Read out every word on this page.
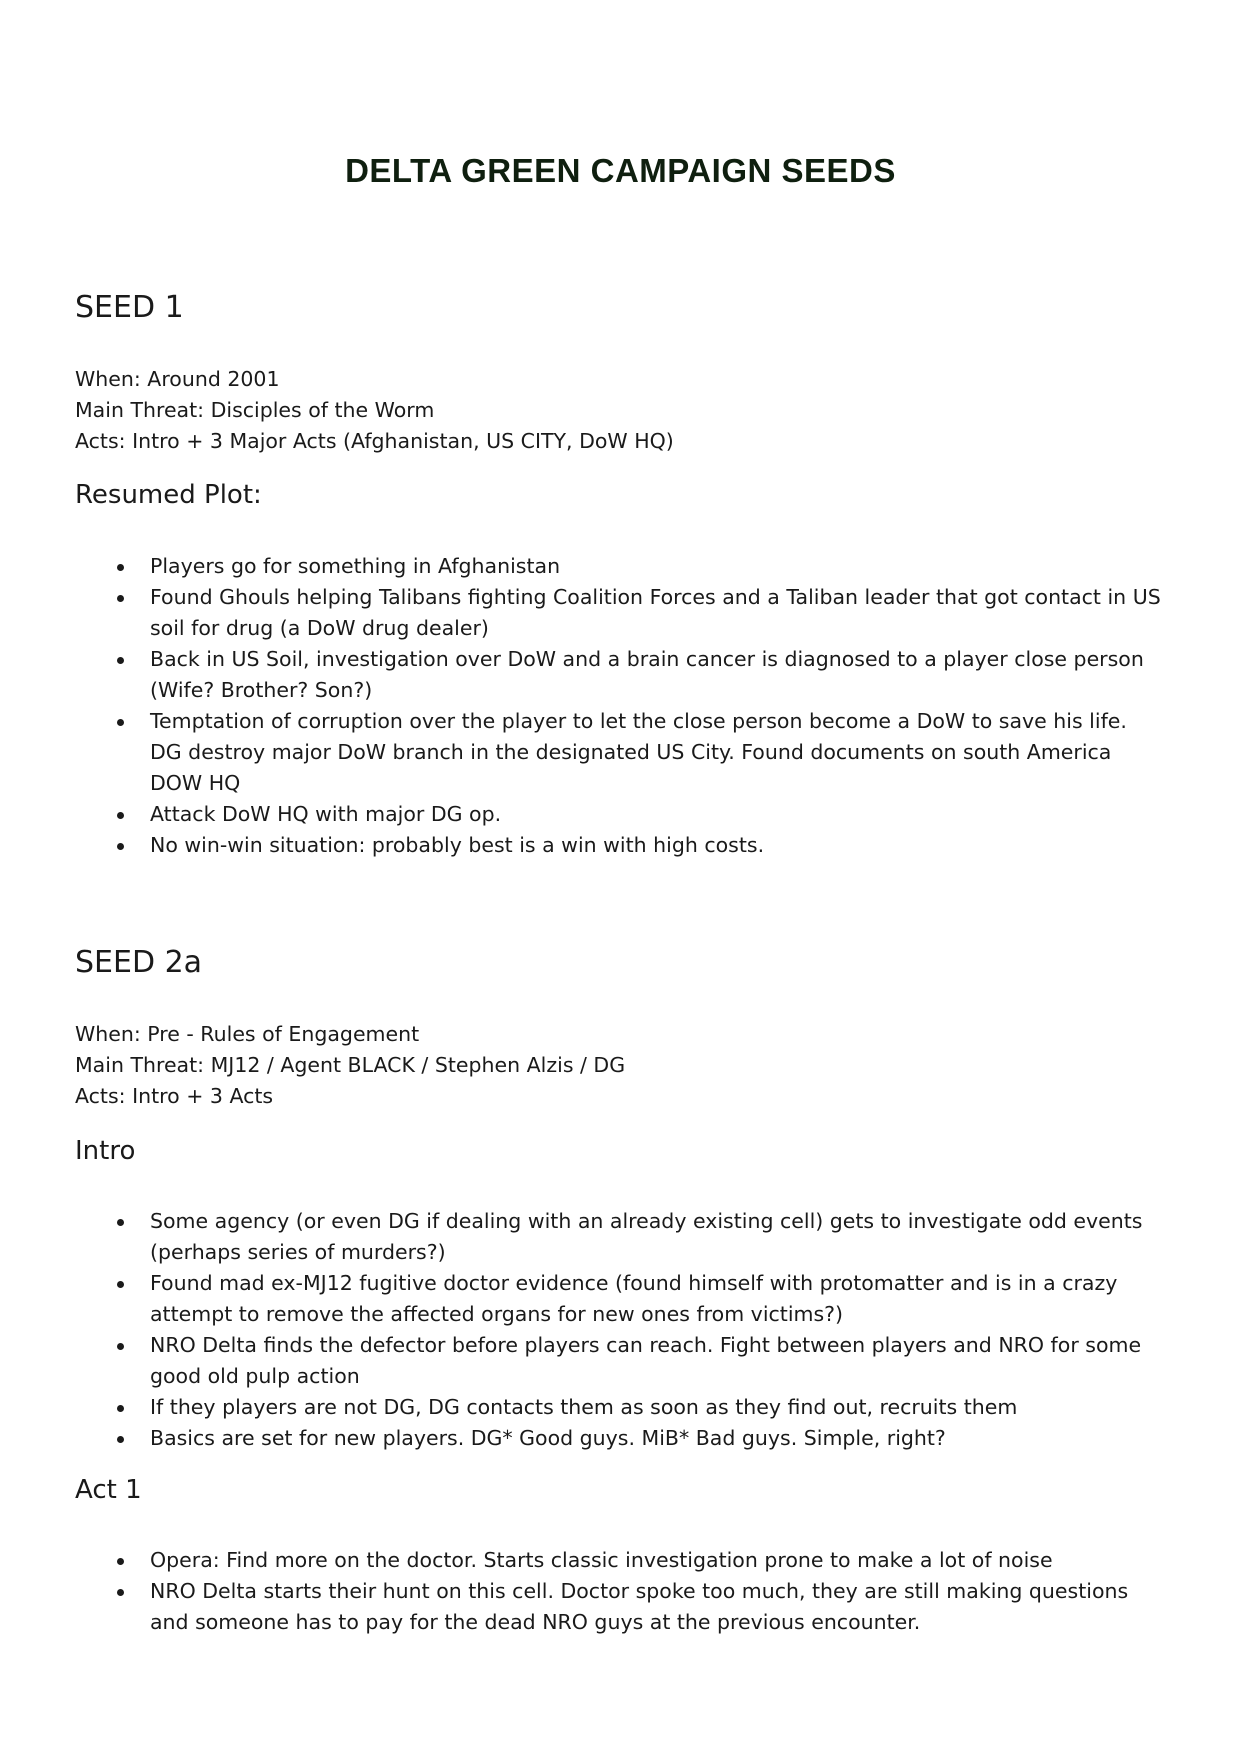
DELTA GREEN CAMPAIGN SEEDS
SEED 1
When: Around 2001
Main Threat: Disciples of the Worm
Acts: Intro + 3 Major Acts (Afghanistan, US CITY, DoW HQ)
Resumed Plot:
Players go for something in Afghanistan
Found Ghouls helping Talibans fighting Coalition Forces and a Taliban leader that got contact in US soil for drug (a DoW drug dealer)
Back in US Soil, investigation over DoW and a brain cancer is diagnosed to a player close person (Wife? Brother? Son?)
Temptation of corruption over the player to let the close person become a DoW to save his life. DG destroy major DoW branch in the designated US City. Found documents on south America DOW HQ
Attack DoW HQ with major DG op.
No win-win situation: probably best is a win with high costs.
SEED 2a
When: Pre - Rules of Engagement
Main Threat: MJ12 / Agent BLACK / Stephen Alzis / DG
Acts: Intro + 3 Acts
Intro
Some agency (or even DG if dealing with an already existing cell) gets to investigate odd events (perhaps series of murders?)
Found mad ex-MJ12 fugitive doctor evidence (found himself with protomatter and is in a crazy attempt to remove the affected organs for new ones from victims?)
NRO Delta finds the defector before players can reach. Fight between players and NRO for some good old pulp action
If they players are not DG, DG contacts them as soon as they find out, recruits them
Basics are set for new players. DG* Good guys. MiB* Bad guys. Simple, right?
Act 1
Opera: Find more on the doctor. Starts classic investigation prone to make a lot of noise
NRO Delta starts their hunt on this cell. Doctor spoke too much, they are still making questions and someone has to pay for the dead NRO guys at the previous encounter.
